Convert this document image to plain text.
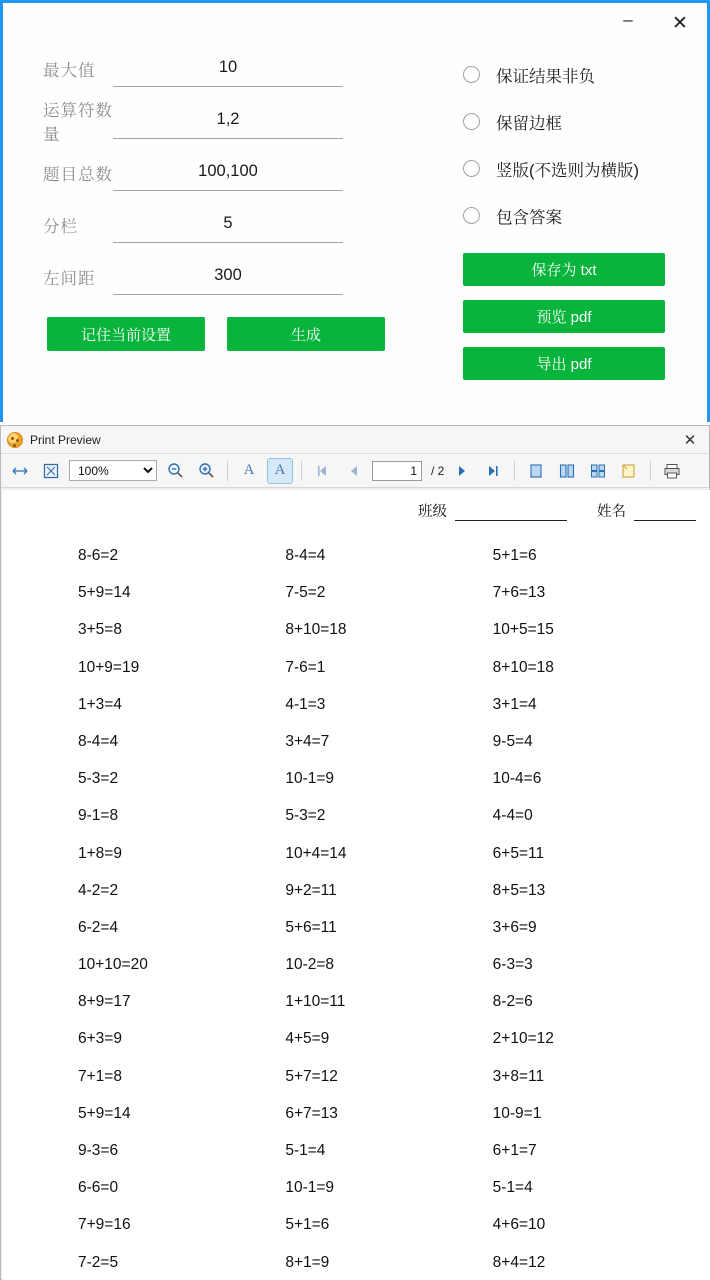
–	✕
最大值
10
运算符数量
1,2
题目总数
100,100
分栏
5
左间距
300
记住当前设置	生成
保证结果非负
保留边框
竖版(不选则为横版)
包含答案
保存为 txt
预览 pdf
导出 pdf
Print Preview	✕
100%
A A
1	/ 2
班级	姓名
8-6=2	8-4=4	5+1=6
5+9=14	7-5=2	7+6=13
3+5=8	8+10=18	10+5=15
10+9=19	7-6=1	8+10=18
1+3=4	4-1=3	3+1=4
8-4=4	3+4=7	9-5=4
5-3=2	10-1=9	10-4=6
9-1=8	5-3=2	4-4=0
1+8=9	10+4=14	6+5=11
4-2=2	9+2=11	8+5=13
6-2=4	5+6=11	3+6=9
10+10=20	10-2=8	6-3=3
8+9=17	1+10=11	8-2=6
6+3=9	4+5=9	2+10=12
7+1=8	5+7=12	3+8=11
5+9=14	6+7=13	10-9=1
9-3=6	5-1=4	6+1=7
6-6=0	10-1=9	5-1=4
7+9=16	5+1=6	4+6=10
7-2=5	8+1=9	8+4=12
